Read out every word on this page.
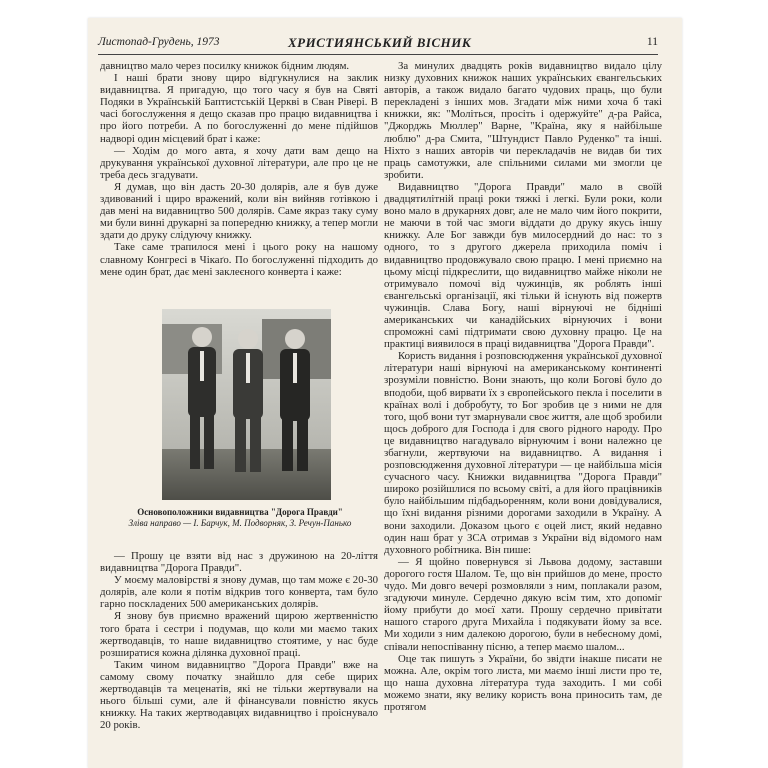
Листопад-Грудень, 1973	ХРИСТИЯНСЬКИЙ ВІСНИК	11

давництво мало через посилку книжок бідним людям.

І наші брати знову щиро відгукнулися на заклик видавництва. Я пригадую, що того часу я був на Святі Подяки в Українській Баптистській Церкві в Сван Рівері. В часі богослуження я дещо сказав про працю видавництва і про його потреби. А по богослуженні до мене підійшов надворі один місцевий брат і каже:

— Ходім до мого авта, я хочу дати вам дещо на друкування української духовної літератури, але про це не треба десь згадувати.

Я думав, що він дасть 20-30 долярів, але я був дуже здивований і щиро вражений, коли він вийняв готівкою і дав мені на видавництво 500 долярів. Саме якраз таку суму ми були винні друкарні за попередню книжку, а тепер могли здати до друку слідуючу книжку.

Таке саме трапилося мені і цього року на нашому славному Конгресі в Чікаґо. По богослуженні підходить до мене один брат, дає мені заклеєного конверта і каже:

Основоположники видавництва "Дорога Правди"
Зліва направо — І. Барчук, М. Подворняк, З. Речун-Панько

— Прошу це взяти від нас з дружиною на 20-ліття видавництва "Дорога Правди".

У моєму маловірстві я знову думав, що там може є 20-30 долярів, але коли я потім відкрив того конверта, там було гарно поскладених 500 американських долярів.

Я знову був приємно вражений щирою жертвенністю того брата і сестри і подумав, що коли ми маємо таких жертводавців, то наше видавництво стоятиме, у нас буде розширатися кожна ділянка духовної праці.

Таким чином видавництво "Дорога Правди" вже на самому свому початку знайшло для себе щирих жертводавців та меценатів, які не тільки жертвували на нього більші суми, але й фінансували повністю якусь книжку. На таких жертводавцях видавництво і проіснувало 20 років.

За минулих двадцять років видавництво видало цілу низку духовних книжок наших українських євангельських авторів, а також видало багато чудових праць, що були перекладені з інших мов. Згадати між ними хоча б такі книжки, як: "Моліться, просіть і одержуйте" д-ра Райса, "Джорджь Мюллер" Варне, "Країна, яку я найбільше люблю" д-ра Смита, "Штундист Павло Руденко" та інші. Ніхто з наших авторів чи перекладачів не видав би тих праць самотужки, але спільними силами ми змогли це зробити.

Видавництво "Дорога Правди" мало в своїй двадцятилітній праці роки тяжкі і легкі. Були роки, коли воно мало в друкарнях довг, але не мало чим його покрити, не маючи в той час змоги віддати до друку якусь іншу книжку. Але Бог завжди був милосердний до нас: то з одного, то з другого джерела приходила поміч і видавництво продовжувало свою працю. І мені приємно на цьому місці підкреслити, що видавництво майже ніколи не отримувало помочі від чужинців, як роблять інші євангельські організації, які тільки й існують від пожертв чужинців. Слава Богу, наші вірнуючі не бідніші американських чи канадійських вірнуючих і вони спроможні самі підтримати свою духовну працю. Це на практиці виявилося в праці видавництва "Дорога Правди".

Користь видання і розповсюдження української духовної літератури наші вірнуючі на американському континенті зрозуміли повністю. Вони знають, що коли Богові було до вподоби, щоб вирвати їх з європейського пекла і поселити в країнах волі і добробуту, то Бог зробив це з ними не для того, щоб вони тут змарнували своє життя, але щоб зробили щось доброго для Господа і для свого рідного народу. Про це видавництво нагадувало вірнуючим і вони належно це збагнули, жертвуючи на видавництво. А видання і розповсюдження духовної літератури — це найбільша місія сучасного часу. Книжки видавництва "Дорога Правди" широко розійшлися по всьому світі, а для його працівників було найбільшим підбадьоренням, коли вони довідувалися, що їхні видання різними дорогами заходили в Україну. А вони заходили. Доказом цього є оцей лист, який недавно один наш брат у ЗСА отримав з України від відомого нам духовного робітника. Він пише:

— Я щойно повернувся зі Львова додому, заставши дорогого гостя Шалом. Те, що він прийшов до мене, просто чудо. Ми довго вечері розмовляли з ним, поплакали разом, згадуючи минуле. Сердечно дякую всім тим, хто допоміг йому прибути до моєї хати. Прошу сердечно привітати нашого старого друга Михайла і подякувати йому за все. Ми ходили з ним далекою дорогою, були в небесному домі, співали непоспіванну пісню, а тепер маємо шалом...

Оце так пишуть з України, бо звідти інакше писати не можна. Але, окрім того листа, ми маємо інші листи про те, що наша духовна література туда заходить. І ми собі можемо знати, яку велику користь вона приносить там, де протягом
